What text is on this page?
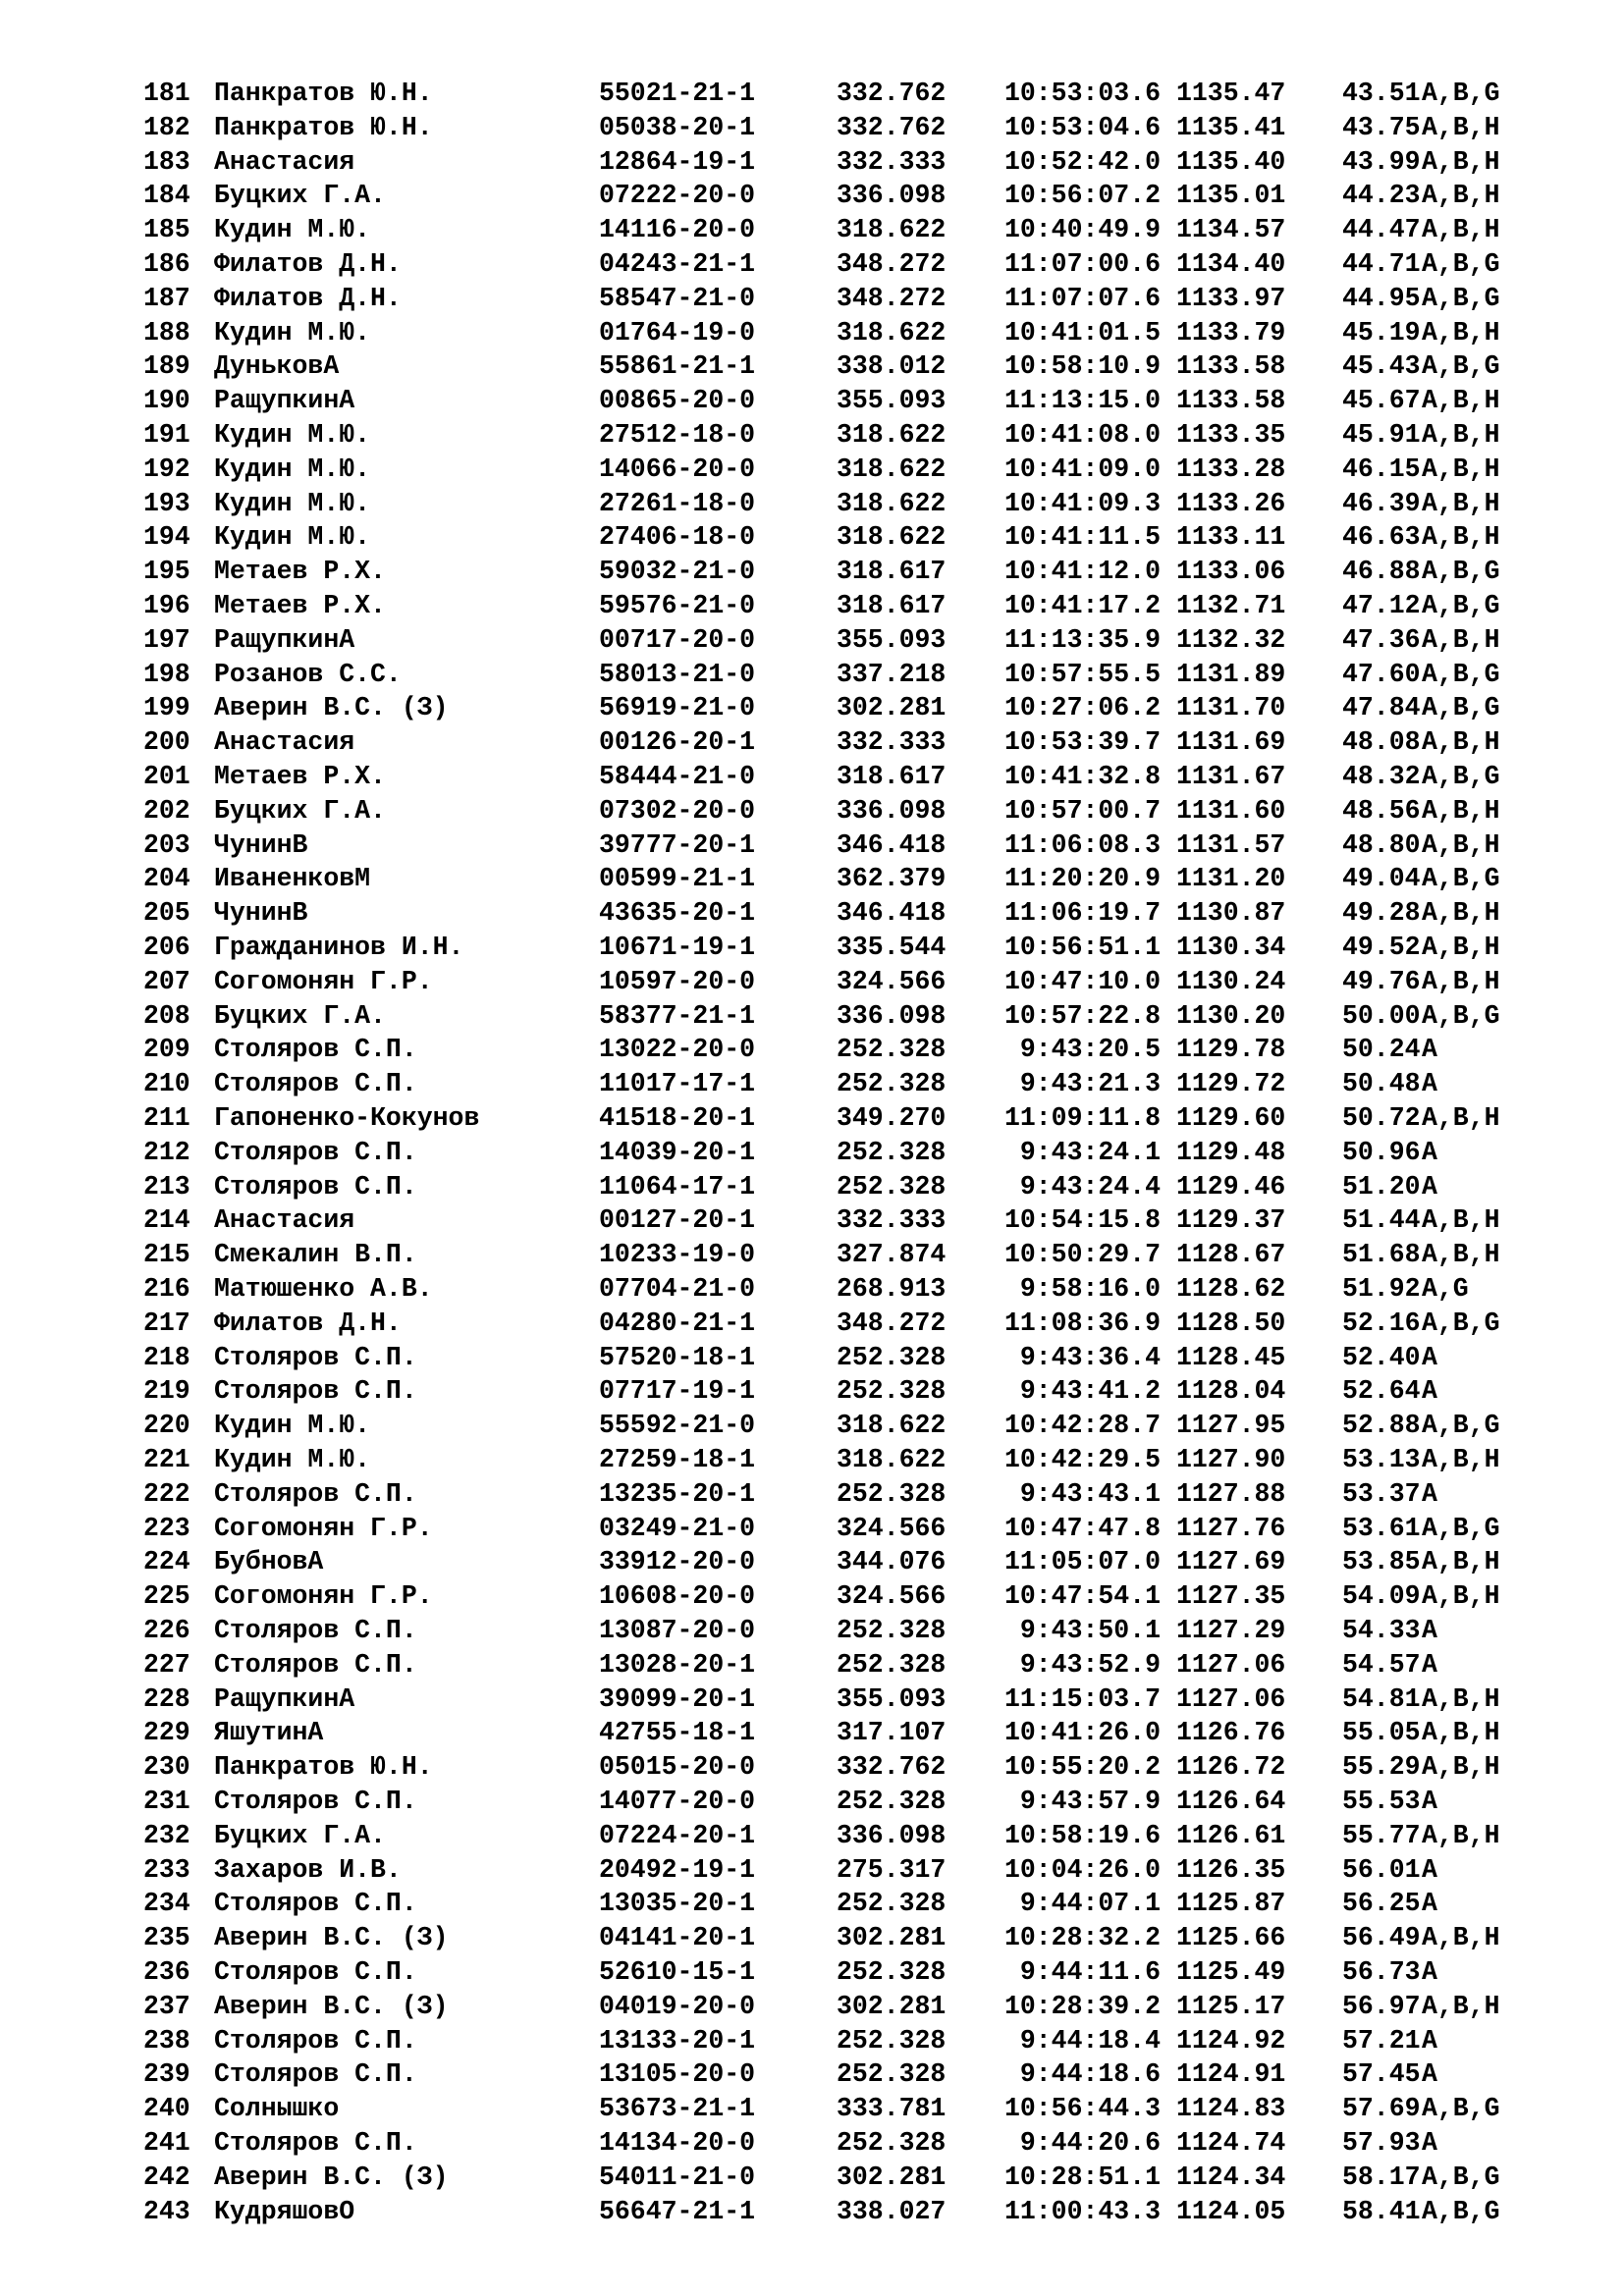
181 Панкратов Ю.Н.	55021-21-1	332.762	10:53:03.6 1135.47 43.51 A,B,G
182 Панкратов Ю.Н.	05038-20-1	332.762	10:53:04.6 1135.41 43.75 A,B,H
183 Анастасия	12864-19-1	332.333	10:52:42.0 1135.40 43.99 A,B,H
184 Буцких Г.А.	07222-20-0	336.098	10:56:07.2 1135.01 44.23 A,B,H
185 Кудин М.Ю.	14116-20-0	318.622	10:40:49.9 1134.57 44.47 A,B,H
186 Филатов Д.Н.	04243-21-1	348.272	11:07:00.6 1134.40 44.71 A,B,G
187 Филатов Д.Н.	58547-21-0	348.272	11:07:07.6 1133.97 44.95 A,B,G
188 Кудин М.Ю.	01764-19-0	318.622	10:41:01.5 1133.79 45.19 A,B,H
189 ДуньковА	55861-21-1	338.012	10:58:10.9 1133.58 45.43 A,B,G
190 РащупкинА	00865-20-0	355.093	11:13:15.0 1133.58 45.67 A,B,H
191 Кудин М.Ю.	27512-18-0	318.622	10:41:08.0 1133.35 45.91 A,B,H
192 Кудин М.Ю.	14066-20-0	318.622	10:41:09.0 1133.28 46.15 A,B,H
193 Кудин М.Ю.	27261-18-0	318.622	10:41:09.3 1133.26 46.39 A,B,H
194 Кудин М.Ю.	27406-18-0	318.622	10:41:11.5 1133.11 46.63 A,B,H
195 Метаев Р.Х.	59032-21-0	318.617	10:41:12.0 1133.06 46.88 A,B,G
196 Метаев Р.Х.	59576-21-0	318.617	10:41:17.2 1132.71 47.12 A,B,G
197 РащупкинА	00717-20-0	355.093	11:13:35.9 1132.32 47.36 A,B,H
198 Розанов С.С.	58013-21-0	337.218	10:57:55.5 1131.89 47.60 A,B,G
199 Аверин В.С. (З)	56919-21-0	302.281	10:27:06.2 1131.70 47.84 A,B,G
200 Анастасия	00126-20-1	332.333	10:53:39.7 1131.69 48.08 A,B,H
201 Метаев Р.Х.	58444-21-0	318.617	10:41:32.8 1131.67 48.32 A,B,G
202 Буцких Г.А.	07302-20-0	336.098	10:57:00.7 1131.60 48.56 A,B,H
203 ЧунинВ	39777-20-1	346.418	11:06:08.3 1131.57 48.80 A,B,H
204 ИваненковМ	00599-21-1	362.379	11:20:20.9 1131.20 49.04 A,B,G
205 ЧунинВ	43635-20-1	346.418	11:06:19.7 1130.87 49.28 A,B,H
206 Гражданинов И.Н.	10671-19-1	335.544	10:56:51.1 1130.34 49.52 A,B,H
207 Согомонян Г.Р.	10597-20-0	324.566	10:47:10.0 1130.24 49.76 A,B,H
208 Буцких Г.А.	58377-21-1	336.098	10:57:22.8 1130.20 50.00 A,B,G
209 Столяров С.П.	13022-20-0	252.328	9:43:20.5 1129.78 50.24 A
210 Столяров С.П.	11017-17-1	252.328	9:43:21.3 1129.72 50.48 A
211 Гапоненко-Кокунов	41518-20-1	349.270	11:09:11.8 1129.60 50.72 A,B,H
212 Столяров С.П.	14039-20-1	252.328	9:43:24.1 1129.48 50.96 A
213 Столяров С.П.	11064-17-1	252.328	9:43:24.4 1129.46 51.20 A
214 Анастасия	00127-20-1	332.333	10:54:15.8 1129.37 51.44 A,B,H
215 Смекалин В.П.	10233-19-0	327.874	10:50:29.7 1128.67 51.68 A,B,H
216 Матюшенко А.В.	07704-21-0	268.913	9:58:16.0 1128.62 51.92 A,G
217 Филатов Д.Н.	04280-21-1	348.272	11:08:36.9 1128.50 52.16 A,B,G
218 Столяров С.П.	57520-18-1	252.328	9:43:36.4 1128.45 52.40 A
219 Столяров С.П.	07717-19-1	252.328	9:43:41.2 1128.04 52.64 A
220 Кудин М.Ю.	55592-21-0	318.622	10:42:28.7 1127.95 52.88 A,B,G
221 Кудин М.Ю.	27259-18-1	318.622	10:42:29.5 1127.90 53.13 A,B,H
222 Столяров С.П.	13235-20-1	252.328	9:43:43.1 1127.88 53.37 A
223 Согомонян Г.Р.	03249-21-0	324.566	10:47:47.8 1127.76 53.61 A,B,G
224 БубновА	33912-20-0	344.076	11:05:07.0 1127.69 53.85 A,B,H
225 Согомонян Г.Р.	10608-20-0	324.566	10:47:54.1 1127.35 54.09 A,B,H
226 Столяров С.П.	13087-20-0	252.328	9:43:50.1 1127.29 54.33 A
227 Столяров С.П.	13028-20-1	252.328	9:43:52.9 1127.06 54.57 A
228 РащупкинА	39099-20-1	355.093	11:15:03.7 1127.06 54.81 A,B,H
229 ЯшутинА	42755-18-1	317.107	10:41:26.0 1126.76 55.05 A,B,H
230 Панкратов Ю.Н.	05015-20-0	332.762	10:55:20.2 1126.72 55.29 A,B,H
231 Столяров С.П.	14077-20-0	252.328	9:43:57.9 1126.64 55.53 A
232 Буцких Г.А.	07224-20-1	336.098	10:58:19.6 1126.61 55.77 A,B,H
233 Захаров И.В.	20492-19-1	275.317	10:04:26.0 1126.35 56.01 A
234 Столяров С.П.	13035-20-1	252.328	9:44:07.1 1125.87 56.25 A
235 Аверин В.С. (З)	04141-20-1	302.281	10:28:32.2 1125.66 56.49 A,B,H
236 Столяров С.П.	52610-15-1	252.328	9:44:11.6 1125.49 56.73 A
237 Аверин В.С. (З)	04019-20-0	302.281	10:28:39.2 1125.17 56.97 A,B,H
238 Столяров С.П.	13133-20-1	252.328	9:44:18.4 1124.92 57.21 A
239 Столяров С.П.	13105-20-0	252.328	9:44:18.6 1124.91 57.45 A
240 Солнышко	53673-21-1	333.781	10:56:44.3 1124.83 57.69 A,B,G
241 Столяров С.П.	14134-20-0	252.328	9:44:20.6 1124.74 57.93 A
242 Аверин В.С. (З)	54011-21-0	302.281	10:28:51.1 1124.34 58.17 A,B,G
243 КудряшовО	56647-21-1	338.027	11:00:43.3 1124.05 58.41 A,B,G
